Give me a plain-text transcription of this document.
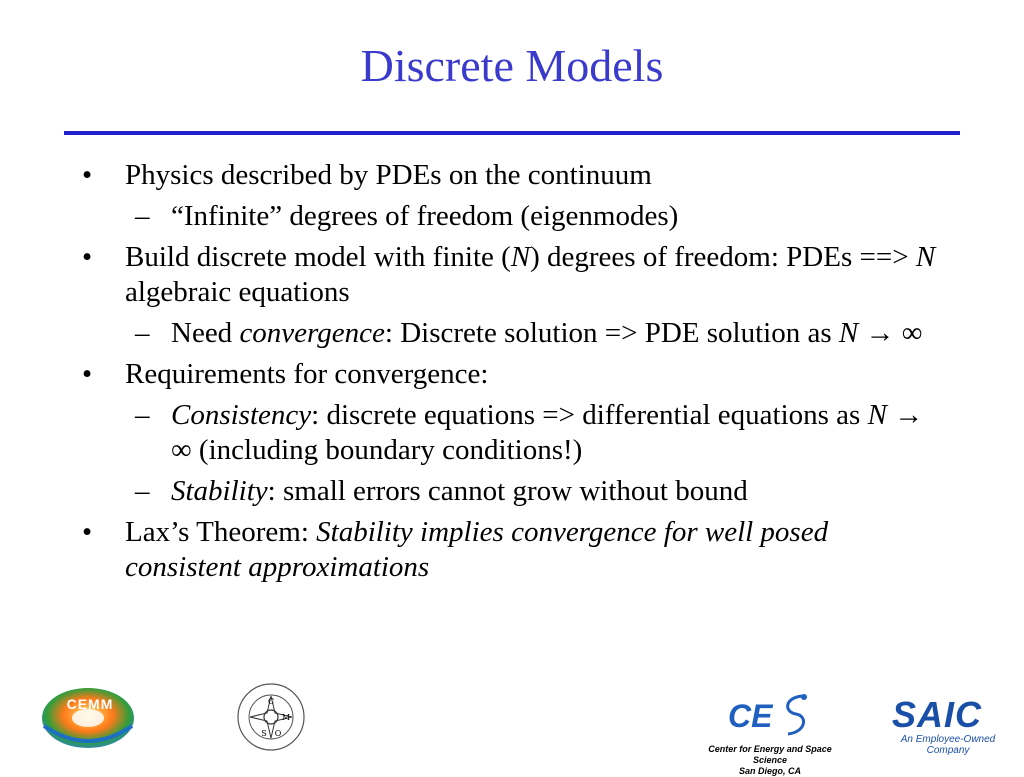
Discrete Models
• Physics described by PDEs on the continuum
– “Infinite” degrees of freedom (eigenmodes)
• Build discrete model with finite (N) degrees of freedom: PDEs ==> N algebraic equations
– Need convergence: Discrete solution => PDE solution as N → ∞
• Requirements for convergence:
– Consistency: discrete equations => differential equations as N → ∞ (including boundary conditions!)
– Stability: small errors cannot grow without bound
• Lax’s Theorem: Stability implies convergence for well posed consistent approximations
CEMM	C
M
S O	CE
Center for Energy and Space Science
San Diego, CA
SAIC
An Employee-Owned Company
